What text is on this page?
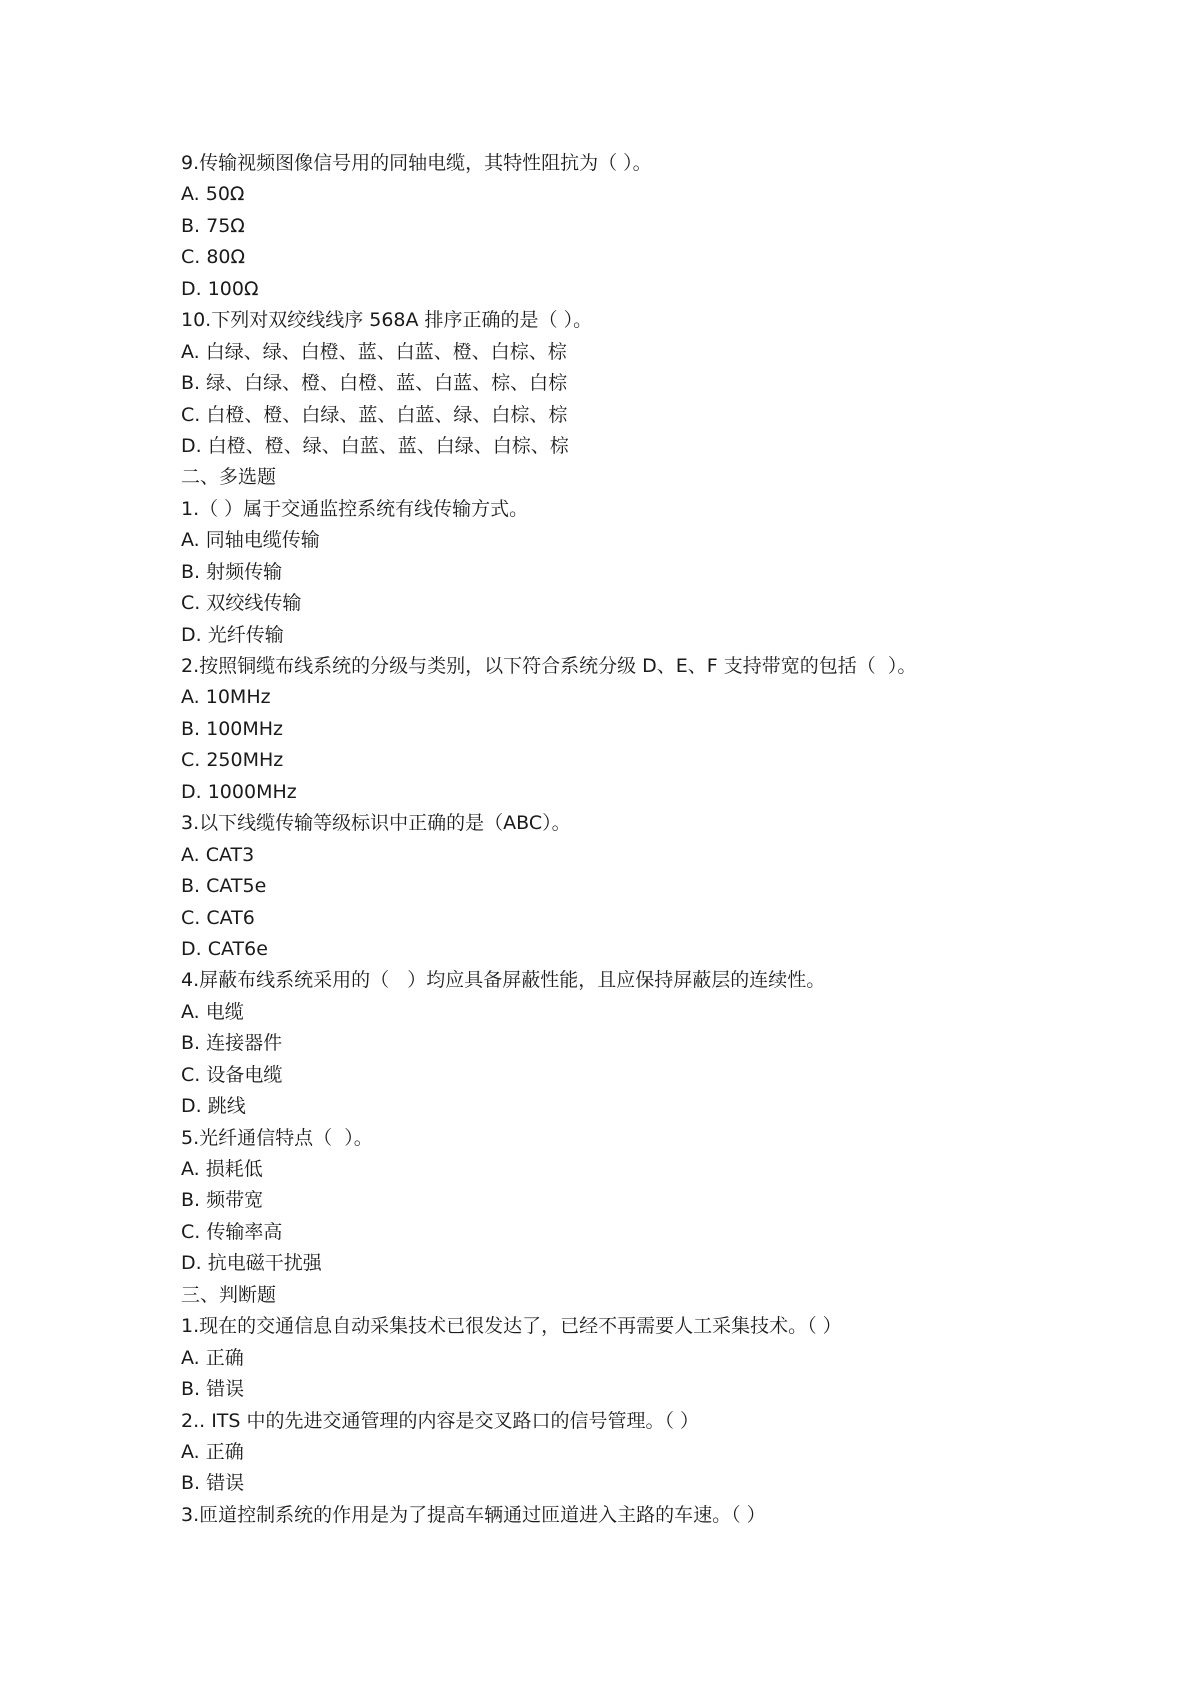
9.传输视频图像信号用的同轴电缆，其特性阻抗为（ ）。
A. 50Ω
B. 75Ω
C. 80Ω
D. 100Ω
10.下列对双绞线线序 568A 排序正确的是（ ）。
A. 白绿、绿、白橙、蓝、白蓝、橙、白棕、棕
B. 绿、白绿、橙、白橙、蓝、白蓝、棕、白棕
C. 白橙、橙、白绿、蓝、白蓝、绿、白棕、棕
D. 白橙、橙、绿、白蓝、蓝、白绿、白棕、棕
二、多选题
1.（ ）属于交通监控系统有线传输方式。
A. 同轴电缆传输
B. 射频传输
C. 双绞线传输
D. 光纤传输
2.按照铜缆布线系统的分级与类别，以下符合系统分级 D、E、F 支持带宽的包括（  ）。
A. 10MHz
B. 100MHz
C. 250MHz
D. 1000MHz
3.以下线缆传输等级标识中正确的是（ABC）。
A. CAT3
B. CAT5e
C. CAT6
D. CAT6e
4.屏蔽布线系统采用的（   ）均应具备屏蔽性能，且应保持屏蔽层的连续性。
A. 电缆
B. 连接器件
C. 设备电缆
D. 跳线
5.光纤通信特点（  ）。
A. 损耗低
B. 频带宽
C. 传输率高
D. 抗电磁干扰强
三、判断题
1.现在的交通信息自动采集技术已很发达了，已经不再需要人工采集技术。（ ）
A. 正确
B. 错误
2.. ITS 中的先进交通管理的内容是交叉路口的信号管理。（ ）
A. 正确
B. 错误
3.匝道控制系统的作用是为了提高车辆通过匝道进入主路的车速。（ ）
